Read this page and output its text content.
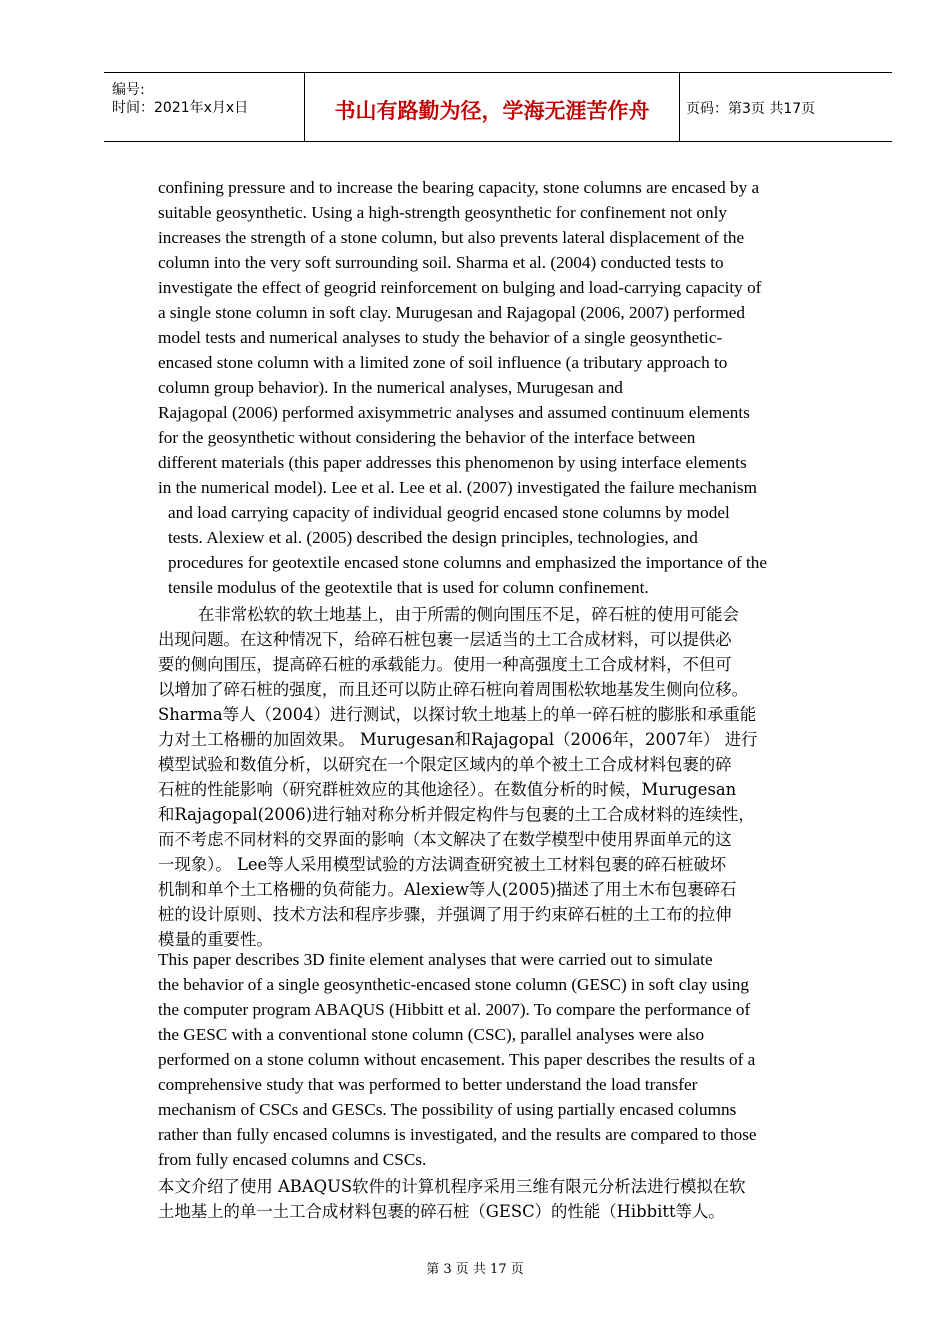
编号:
时间：2021年x月x日	书山有路勤为径，学海无涯苦作舟	页码：第3页 共17页
confining pressure and to increase the bearing capacity, stone columns are encased by a
suitable geosynthetic. Using a high-strength geosynthetic for confinement not only
increases the strength of a stone column, but also prevents lateral displacement of the
column into the very soft surrounding soil. Sharma et al. (2004) conducted tests to
investigate the effect of geogrid reinforcement on bulging and load-carrying capacity of
a single stone column in soft clay. Murugesan and Rajagopal (2006, 2007) performed
model tests and numerical analyses to study the behavior of a single geosynthetic-
encased stone column with a limited zone of soil influence (a tributary approach to
column group behavior). In the numerical analyses, Murugesan and
Rajagopal (2006) performed axisymmetric analyses and assumed continuum elements
for the geosynthetic without considering the behavior of the interface between
different materials (this paper addresses this phenomenon by using interface elements
in the numerical model). Lee et al. Lee et al. (2007) investigated the failure mechanism
and load carrying capacity of individual geogrid encased stone columns by model
tests. Alexiew et al. (2005) described the design principles, technologies, and
procedures for geotextile encased stone columns and emphasized the importance of the
tensile modulus of the geotextile that is used for column confinement.
在非常松软的软土地基上，由于所需的侧向围压不足，碎石桩的使用可能会
出现问题。在这种情况下，给碎石桩包裹一层适当的土工合成材料，可以提供必
要的侧向围压，提高碎石桩的承载能力。使用一种高强度土工合成材料，不但可
以增加了碎石桩的强度，而且还可以防止碎石桩向着周围松软地基发生侧向位移。
Sharma等人（2004）进行测试，以探讨软土地基上的单一碎石桩的膨胀和承重能
力对土工格栅的加固效果。 Murugesan和Rajagopal（2006年，2007年） 进行
模型试验和数值分析，以研究在一个限定区域内的单个被土工合成材料包裹的碎
石桩的性能影响（研究群桩效应的其他途径）。在数值分析的时候，Murugesan
和Rajagopal(2006)进行轴对称分析并假定构件与包裹的土工合成材料的连续性，
而不考虑不同材料的交界面的影响（本文解决了在数学模型中使用界面单元的这
一现象）。 Lee等人采用模型试验的方法调查研究被土工材料包裹的碎石桩破坏
机制和单个土工格栅的负荷能力。Alexiew等人(2005)描述了用土木布包裹碎石
桩的设计原则、技术方法和程序步骤，并强调了用于约束碎石桩的土工布的拉伸
模量的重要性。
This paper describes 3D finite element analyses that were carried out to simulate
the behavior of a single geosynthetic-encased stone column (GESC) in soft clay using
the computer program ABAQUS (Hibbitt et al. 2007). To compare the performance of
the GESC with a conventional stone column (CSC), parallel analyses were also
performed on a stone column without encasement. This paper describes the results of a
comprehensive study that was performed to better understand the load transfer
mechanism of CSCs and GESCs. The possibility of using partially encased columns
rather than fully encased columns is investigated, and the results are compared to those
from fully encased columns and CSCs.
本文介绍了使用 ABAQUS软件的计算机程序采用三维有限元分析法进行模拟在软
土地基上的单一土工合成材料包裹的碎石桩（GESC）的性能（Hibbitt等人。
第 3 页 共 17 页
